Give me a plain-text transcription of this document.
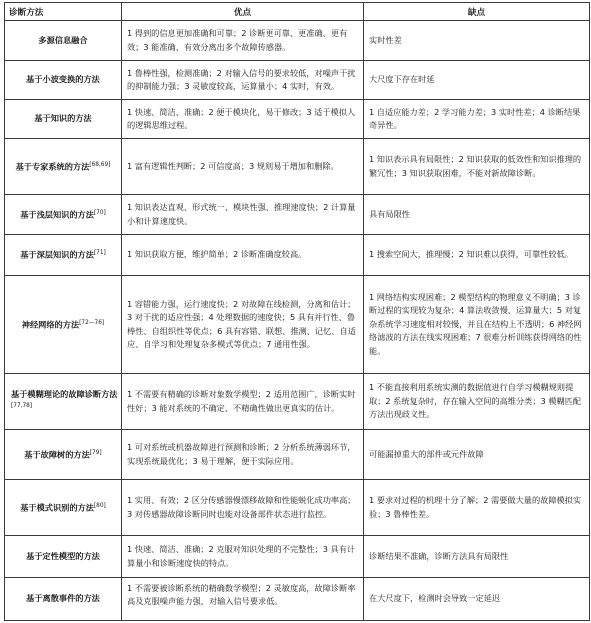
诊断方法	优点	缺点
多源信息融合	1 得到的信息更加准确和可靠；2 诊断更可靠、更准确、更有效；3 能准确、有效分离出多个故障传感器。	实时性差
基于小波变换的方法	1 鲁棒性强，检测准确；2 对输入信号的要求较低，对噪声干扰的抑制能力强；3 灵敏度较高，运算量小；4 实时，有效。	大尺度下存在时延
基于知识的方法	1 快速、简洁、准确；2 便于模块化，易于修改；3 适于模拟人的逻辑思维过程。	1 自适应能力差；2 学习能力差；3 实时性差；4 诊断结果奇异性。
基于专家系统的方法[68,69]	1 富有逻辑性判断；2 可信度高；3 规则易于增加和删除。	1 知识表示具有局限性；2 知识获取的低效性和知识推理的繁冗性；3 知识获取困难，不能对新故障诊断。
基于浅层知识的方法[70]	1 知识表达直观、形式统一、模块性强、推理速度快；2 计算量小和计算速度快。	具有局限性
基于深层知识的方法[71]	1 知识获取方便，维护简单；2 诊断准确度较高。	1 搜索空间大，推理慢；2 知识难以获得，可靠性较低。
神经网络的方法[72—76]	1 容错能力强，运行速度快；2 对故障在线检测，分离和估计；3 对干扰的适应性强；4 处理数据的速度快；5 具有并行性、鲁棒性、自组织性等优点；6 具有容错、联想、推测、记忆、自适应、自学习和处理复杂多模式等优点；7 通用性强。	1 网络结构实现困难；2 模型结构的物理意义不明确；3 诊断过程的实现较为复杂；4 算法收敛慢、运算量大；5 对复杂系统学习速度相对较慢，并且在结构上不透明；6 神经网络滤波的方法在线实现困难；7 很难分析训练获得网络的性能。
基于模糊理论的故障诊断方法[77,78]	1 不需要有精确的诊断对象数学模型；2 适用范围广，诊断实时性好；3 能对系统的不确定、不精确性做出更真实的估计。	1 不能直接利用系统实测的数据值进行自学习模糊规则提取；2 系统复杂时，存在输入空间的高维分类；3 模糊匹配方法出现歧义性。
基于故障树的方法[79]	1 可对系统或机器故障进行预测和诊断；2 分析系统薄弱环节，实现系统最优化；3 易于理解，便于实际应用。	可能漏掉重大的部件或元件故障
基于模式识别的方法[80]	1 实用、有效；2 区分传感器慢漂移故障和性能蜕化成功率高；3 对传感器故障诊断同时也能对设备部件状态进行监控。	1 要求对过程的机理十分了解；2 需要做大量的故障模拟实验；3 鲁棒性差。
基于定性模型的方法	1 快速、简洁、准确；2 克服对知识处理的不完整性；3 具有计算量小和诊断速度快的特点。	诊断结果不准确，诊断方法具有局限性
基于离散事件的方法	1 不需要被诊断系统的精确数学模型；2 灵敏度高，故障诊断率高及克服噪声能力强，对输入信号要求低。	在大尺度下，检测时会导致一定延迟
